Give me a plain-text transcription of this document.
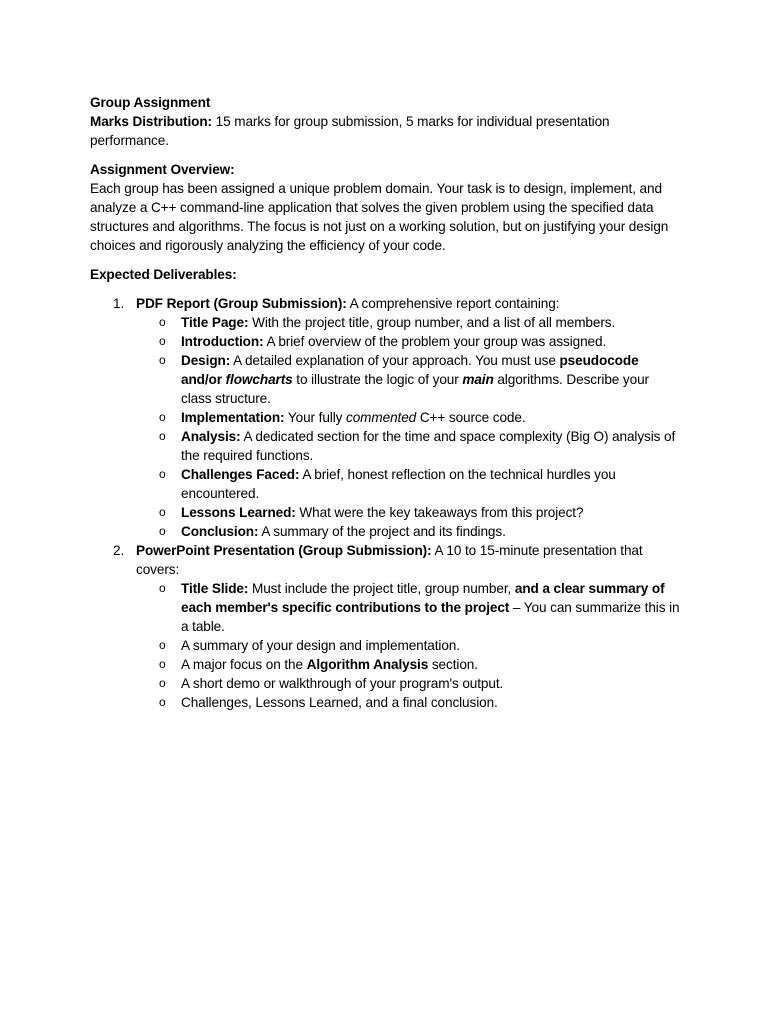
Group Assignment

Marks Distribution: 15 marks for group submission, 5 marks for individual presentation performance.

Assignment Overview:

Each group has been assigned a unique problem domain. Your task is to design, implement, and analyze a C++ command-line application that solves the given problem using the specified data structures and algorithms. The focus is not just on a working solution, but on justifying your design choices and rigorously analyzing the efficiency of your code.

Expected Deliverables:

1. PDF Report (Group Submission): A comprehensive report containing:
o Title Page: With the project title, group number, and a list of all members.
o Introduction: A brief overview of the problem your group was assigned.
o Design: A detailed explanation of your approach. You must use pseudocode and/or flowcharts to illustrate the logic of your main algorithms. Describe your class structure.
o Implementation: Your fully commented C++ source code.
o Analysis: A dedicated section for the time and space complexity (Big O) analysis of the required functions.
o Challenges Faced: A brief, honest reflection on the technical hurdles you encountered.
o Lessons Learned: What were the key takeaways from this project?
o Conclusion: A summary of the project and its findings.
2. PowerPoint Presentation (Group Submission): A 10 to 15-minute presentation that covers:
o Title Slide: Must include the project title, group number, and a clear summary of each member's specific contributions to the project – You can summarize this in a table.
o A summary of your design and implementation.
o A major focus on the Algorithm Analysis section.
o A short demo or walkthrough of your program's output.
o Challenges, Lessons Learned, and a final conclusion.
